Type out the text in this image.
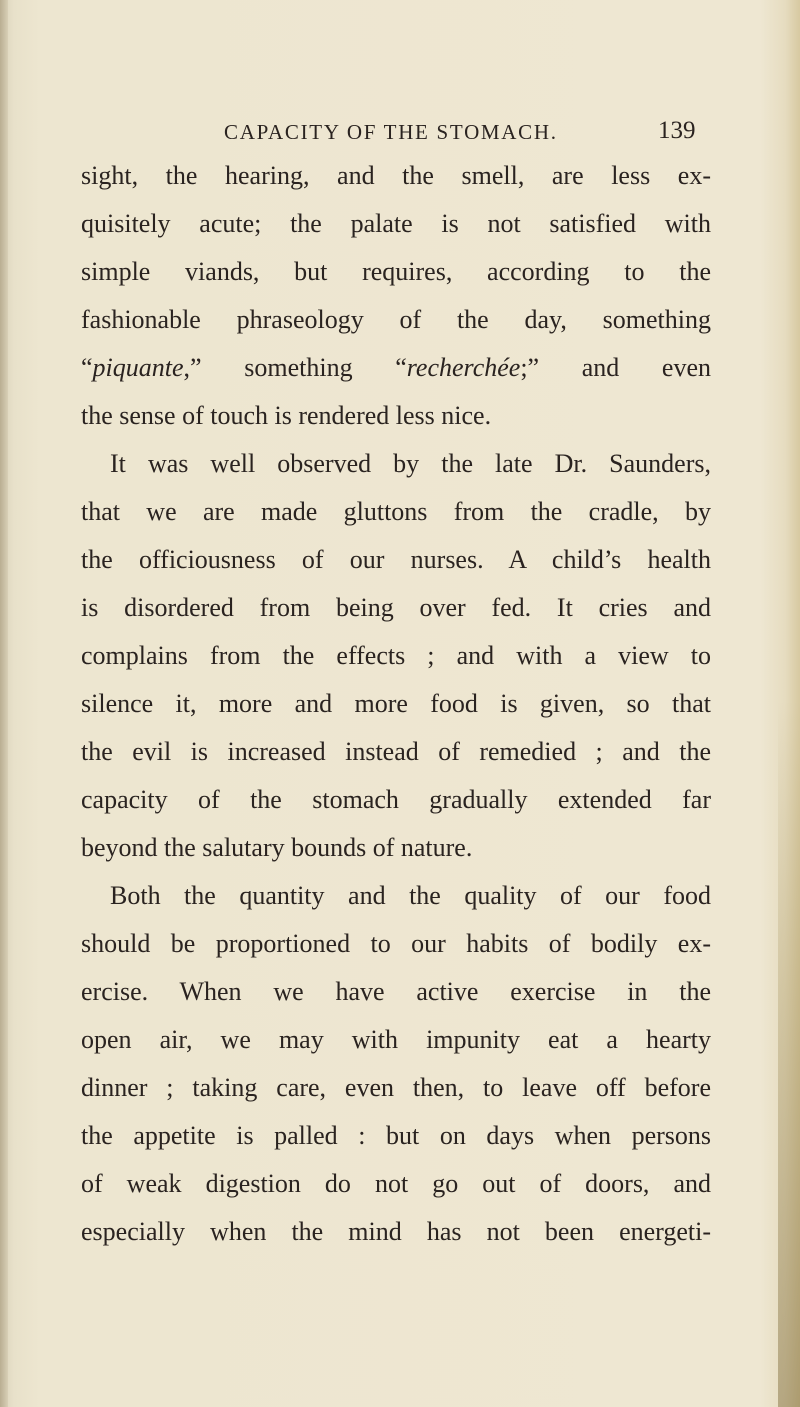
CAPACITY OF THE STOMACH.	139
sight, the hearing, and the smell, are less ex-
quisitely acute; the palate is not satisfied with
simple viands, but requires, according to the
fashionable phraseology of the day, something
“piquante,” something “recherchée;” and even
the sense of touch is rendered less nice.
It was well observed by the late Dr. Saunders,
that we are made gluttons from the cradle, by
the officiousness of our nurses. A child’s health
is disordered from being over fed. It cries and
complains from the effects ; and with a view to
silence it, more and more food is given, so that
the evil is increased instead of remedied ; and the
capacity of the stomach gradually extended far
beyond the salutary bounds of nature.
Both the quantity and the quality of our food
should be proportioned to our habits of bodily ex-
ercise. When we have active exercise in the
open air, we may with impunity eat a hearty
dinner ; taking care, even then, to leave off before
the appetite is palled : but on days when persons
of weak digestion do not go out of doors, and
especially when the mind has not been energeti-
